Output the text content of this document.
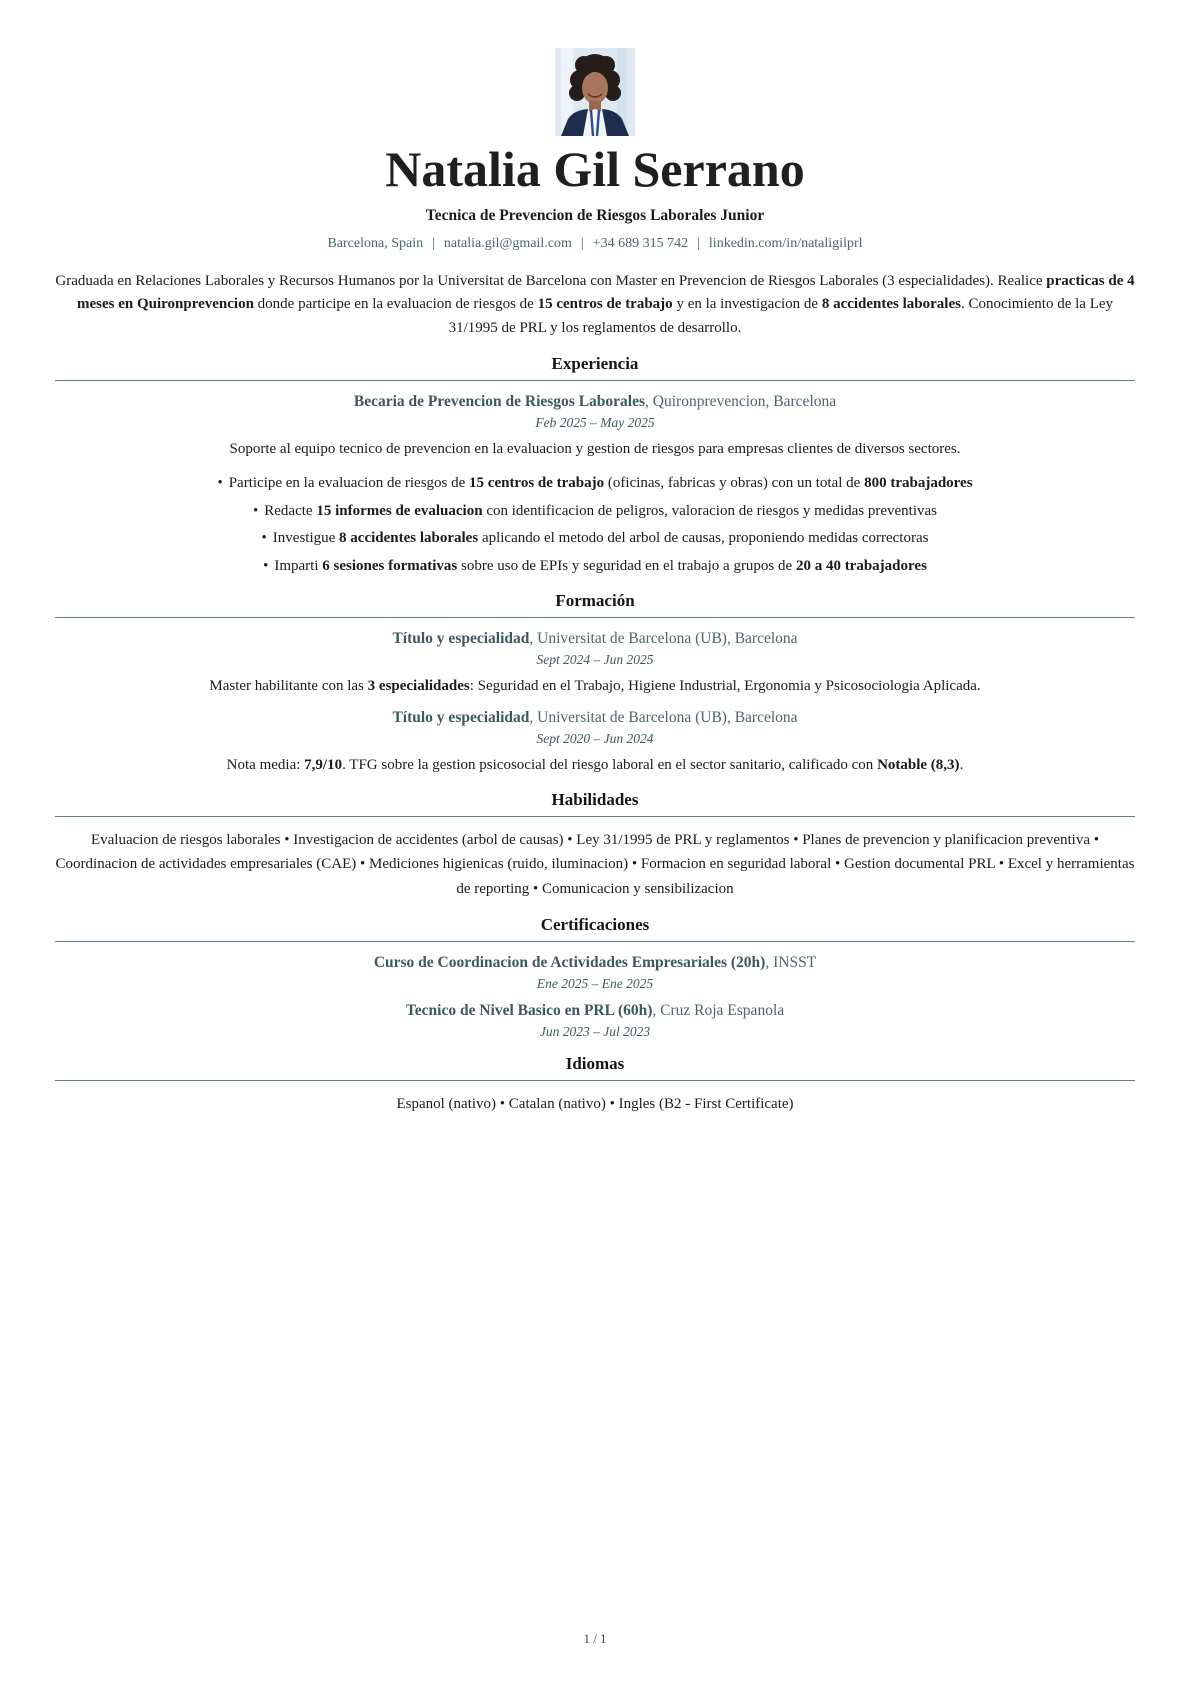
Natalia Gil Serrano
Tecnica de Prevencion de Riesgos Laborales Junior
Barcelona, Spain | natalia.gil@gmail.com | +34 689 315 742 | linkedin.com/in/nataligilprl

Graduada en Relaciones Laborales y Recursos Humanos por la Universitat de Barcelona con Master en Prevencion de Riesgos Laborales (3 especialidades). Realice practicas de 4 meses en Quironprevencion donde participe en la evaluacion de riesgos de 15 centros de trabajo y en la investigacion de 8 accidentes laborales. Conocimiento de la Ley 31/1995 de PRL y los reglamentos de desarrollo.

Experiencia
Becaria de Prevencion de Riesgos Laborales, Quironprevencion, Barcelona
Feb 2025 – May 2025
Soporte al equipo tecnico de prevencion en la evaluacion y gestion de riesgos para empresas clientes de diversos sectores.
• Participe en la evaluacion de riesgos de 15 centros de trabajo (oficinas, fabricas y obras) con un total de 800 trabajadores
• Redacte 15 informes de evaluacion con identificacion de peligros, valoracion de riesgos y medidas preventivas
• Investigue 8 accidentes laborales aplicando el metodo del arbol de causas, proponiendo medidas correctoras
• Imparti 6 sesiones formativas sobre uso de EPIs y seguridad en el trabajo a grupos de 20 a 40 trabajadores
Formación
Título y especialidad, Universitat de Barcelona (UB), Barcelona
Sept 2024 – Jun 2025
Master habilitante con las 3 especialidades: Seguridad en el Trabajo, Higiene Industrial, Ergonomia y Psicosociologia Aplicada.
Título y especialidad, Universitat de Barcelona (UB), Barcelona
Sept 2020 – Jun 2024
Nota media: 7,9/10. TFG sobre la gestion psicosocial del riesgo laboral en el sector sanitario, calificado con Notable (8,3).
Habilidades

Evaluacion de riesgos laborales • Investigacion de accidentes (arbol de causas) • Ley 31/1995 de PRL y reglamentos • Planes de prevencion y planificacion preventiva • Coordinacion de actividades empresariales (CAE) • Mediciones higienicas (ruido, iluminacion) • Formacion en seguridad laboral • Gestion documental PRL • Excel y herramientas de reporting • Comunicacion y sensibilizacion

Certificaciones
Curso de Coordinacion de Actividades Empresariales (20h), INSST
Ene 2025 – Ene 2025
Tecnico de Nivel Basico en PRL (60h), Cruz Roja Espanola
Jun 2023 – Jul 2023
Idiomas

Espanol (nativo) • Catalan (nativo) • Ingles (B2 - First Certificate)

1 / 1
